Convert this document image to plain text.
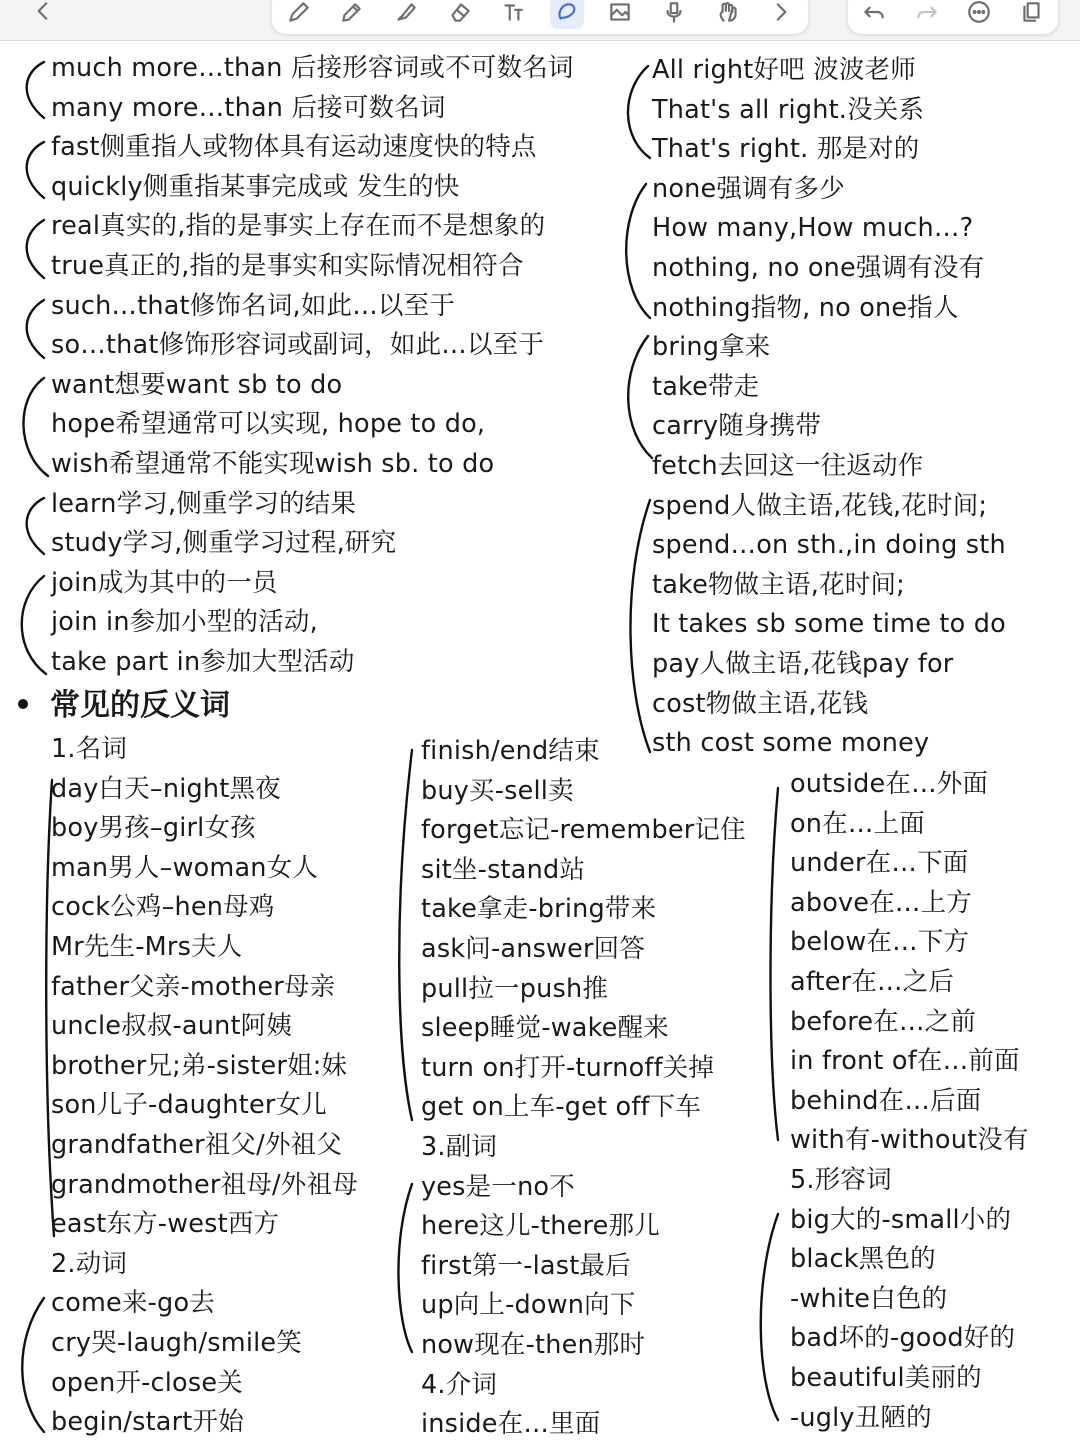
much more…than 后接形容词或不可数名词
many more…than 后接可数名词
fast侧重指人或物体具有运动速度快的特点
quickly侧重指某事完成或 发生的快
real真实的,指的是事实上存在而不是想象的
true真正的,指的是事实和实际情况相符合
such…that修饰名词,如此…以至于
so…that修饰形容词或副词，如此…以至于
want想要want sb to do
hope希望通常可以实现, hope to do,
wish希望通常不能实现wish sb. to do
learn学习,侧重学习的结果
study学习,侧重学习过程,研究
join成为其中的一员
join in参加小型的活动,
take part in参加大型活动
All right好吧 波波老师
That's all right.没关系
That's right. 那是对的
none强调有多少
How many,How much…?
nothing, no one强调有没有
nothing指物, no one指人
bring拿来
take带走
carry随身携带
fetch去回这一往返动作
spend人做主语,花钱,花时间;
spend…on sth.,in doing sth
take物做主语,花时间;
It takes sb some time to do
pay人做主语,花钱pay for
cost物做主语,花钱
sth cost some money
常见的反义词
1.名词
day白天–night黑夜
boy男孩–girl女孩
man男人–woman女人
cock公鸡–hen母鸡
Mr先生-Mrs夫人
father父亲-mother母亲
uncle叔叔-aunt阿姨
brother兄;弟-sister姐:妹
son儿子-daughter女儿
grandfather祖父/外祖父
grandmother祖母/外祖母
east东方-west西方
2.动词
come来-go去
cry哭-laugh/smile笑
open开-close关
begin/start开始
finish/end结束
buy买-sell卖
forget忘记-remember记住
sit坐-stand站
take拿走-bring带来
ask问-answer回答
pull拉一push推
sleep睡觉-wake醒来
turn on打开-turnoff关掉
get on上车-get off下车
3.副词
yes是一no不
here这儿-there那儿
first第一-last最后
up向上-down向下
now现在-then那时
4.介词
inside在…里面
outside在…外面
on在…上面
under在…下面
above在…上方
below在…下方
after在…之后
before在…之前
in front of在…前面
behind在…后面
with有-without没有
5.形容词
big大的-small小的
black黑色的
-white白色的
bad坏的-good好的
beautiful美丽的
-ugly丑陋的
